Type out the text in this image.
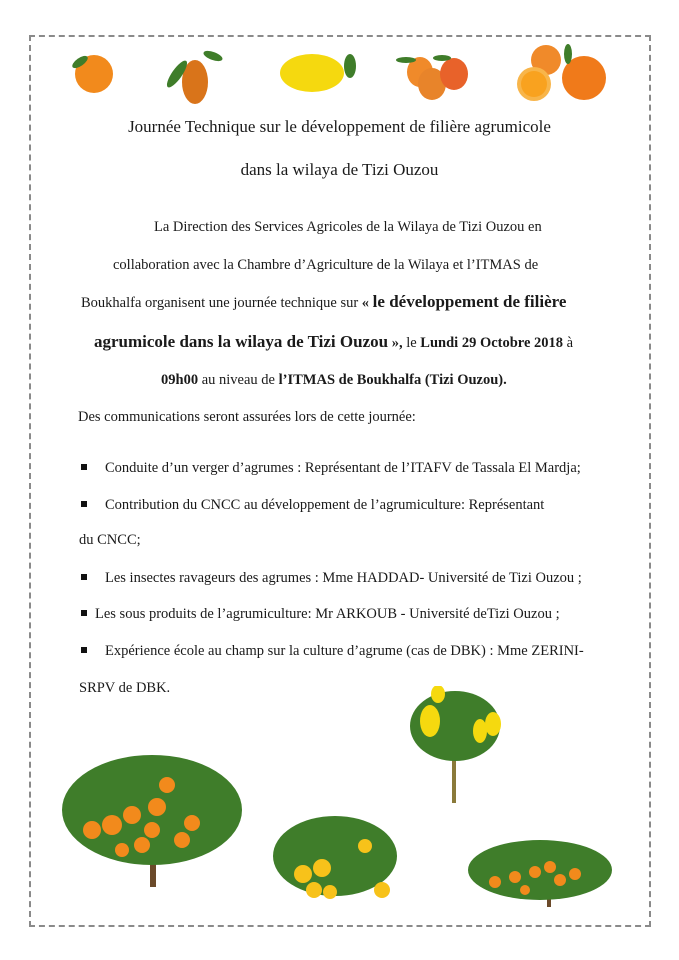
Journée Technique sur le développement de filière agrumicole
dans la wilaya de Tizi Ouzou
La Direction des Services Agricoles de la Wilaya de Tizi Ouzou en
collaboration avec la Chambre d’Agriculture de la Wilaya et l’ITMAS de
Boukhalfa organisent une journée technique sur « le développement de filière
agrumicole dans la wilaya de Tizi Ouzou », le Lundi 29 Octobre 2018 à
09h00 au niveau de l’ITMAS de Boukhalfa (Tizi Ouzou).
Des communications seront assurées lors de cette journée:
Conduite d’un verger d’agrumes : Représentant de l’ITAFV de Tassala El Mardja;
Contribution du CNCC au développement de l’agrumiculture: Représentant
du CNCC;
Les insectes ravageurs des agrumes : Mme HADDAD- Université de Tizi Ouzou ;
Les sous produits de l’agrumiculture: Mr ARKOUB - Université deTizi Ouzou ;
Expérience école au champ sur la culture d’agrume (cas de DBK) : Mme ZERINI-
SRPV de DBK.
